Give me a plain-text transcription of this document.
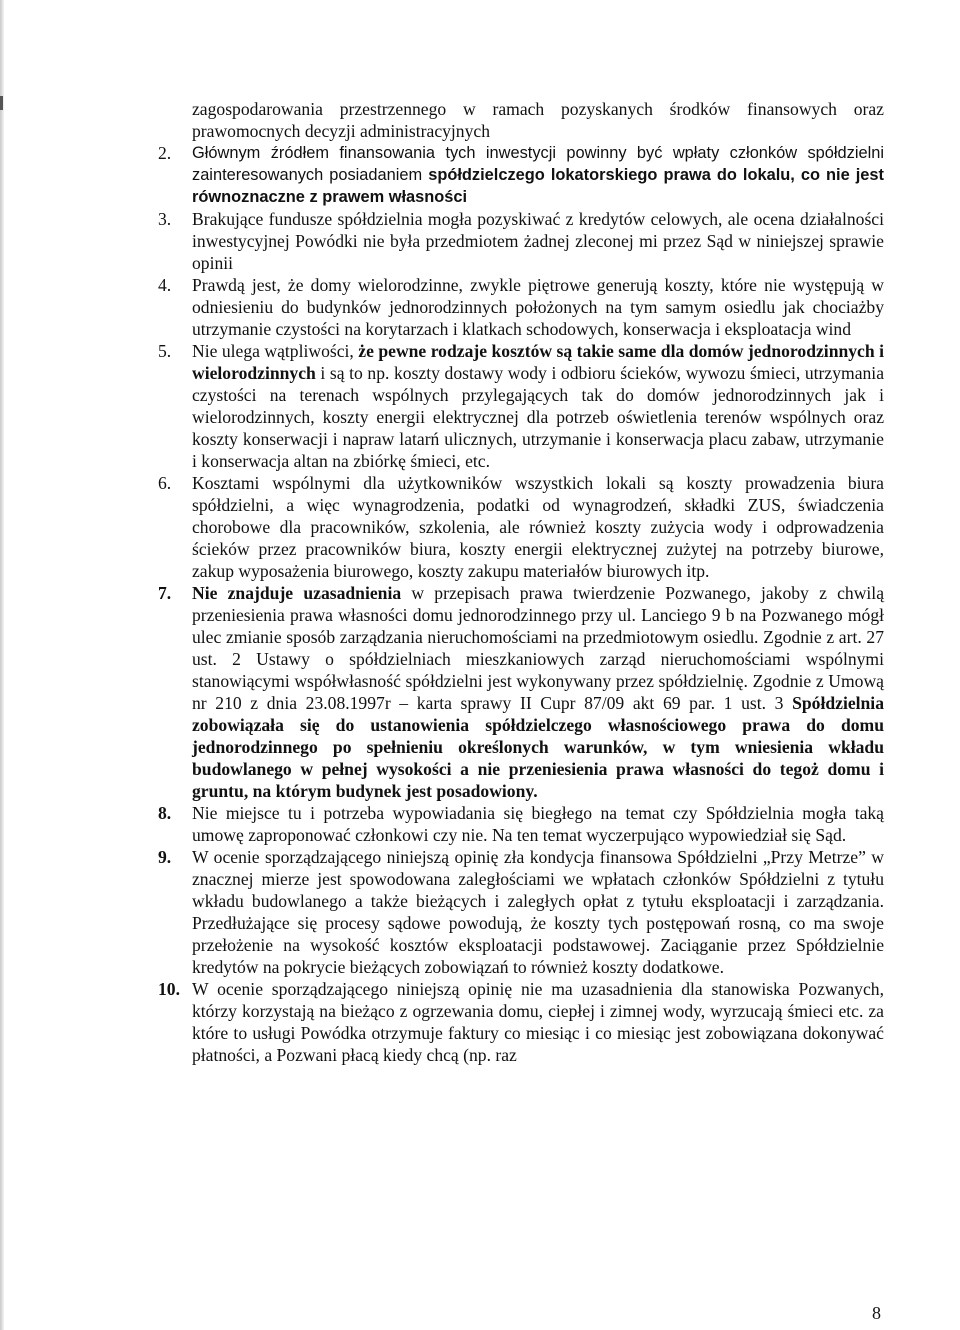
zagospodarowania przestrzennego w ramach pozyskanych środków finansowych oraz prawomocnych decyzji administracyjnych

2.	Głównym źródłem finansowania tych inwestycji powinny być wpłaty członków spółdzielni zainteresowanych posiadaniem spółdzielczego lokatorskiego prawa do lokalu, co nie jest równoznaczne z prawem własności
3.	Brakujące fundusze spółdzielnia mogła pozyskiwać z kredytów celowych, ale ocena działalności inwestycyjnej Powódki nie była przedmiotem żadnej zleconej mi przez Sąd w niniejszej sprawie opinii
4.	Prawdą jest, że domy wielorodzinne, zwykle piętrowe generują koszty, które nie występują w odniesieniu do budynków jednorodzinnych położonych na tym samym osiedlu jak chociażby utrzymanie czystości na korytarzach i klatkach schodowych, konserwacja i eksploatacja wind
5.	Nie ulega wątpliwości, że pewne rodzaje kosztów są takie same dla domów jednorodzinnych i wielorodzinnych i są to np. koszty dostawy wody i odbioru ścieków, wywozu śmieci, utrzymania czystości na terenach wspólnych przylegających tak do domów jednorodzinnych jak i wielorodzinnych, koszty energii elektrycznej dla potrzeb oświetlenia terenów wspólnych oraz koszty konserwacji i napraw latarń ulicznych, utrzymanie i konserwacja placu zabaw, utrzymanie i konserwacja altan na zbiórkę śmieci, etc.
6.	Kosztami wspólnymi dla użytkowników wszystkich lokali są koszty prowadzenia biura spółdzielni, a więc wynagrodzenia, podatki od wynagrodzeń, składki ZUS, świadczenia chorobowe dla pracowników, szkolenia, ale również koszty zużycia wody i odprowadzenia ścieków przez pracowników biura, koszty energii elektrycznej zużytej na potrzeby biurowe, zakup wyposażenia biurowego, koszty zakupu materiałów biurowych itp.
7.	Nie znajduje uzasadnienia w przepisach prawa twierdzenie Pozwanego, jakoby z chwilą przeniesienia prawa własności domu jednorodzinnego przy ul. Lanciego 9 b na Pozwanego mógł ulec zmianie sposób zarządzania nieruchomościami na przedmiotowym osiedlu. Zgodnie z art. 27 ust. 2 Ustawy o spółdzielniach mieszkaniowych zarząd nieruchomościami wspólnymi stanowiącymi współwłasność spółdzielni jest wykonywany przez spółdzielnię. Zgodnie z Umową nr 210 z dnia 23.08.1997r – karta sprawy II Cupr 87/09 akt 69 par. 1 ust. 3 Spółdzielnia zobowiązała się do ustanowienia spółdzielczego własnościowego prawa do domu jednorodzinnego po spełnieniu określonych warunków, w tym wniesienia wkładu budowlanego w pełnej wysokości a nie przeniesienia prawa własności do tegoż domu i gruntu, na którym budynek jest posadowiony.
8.	Nie miejsce tu i potrzeba wypowiadania się biegłego na temat czy Spółdzielnia mogła taką umowę zaproponować członkowi czy nie. Na ten temat wyczerpująco wypowiedział się Sąd.
9.	W ocenie sporządzającego niniejszą opinię zła kondycja finansowa Spółdzielni „Przy Metrze” w znacznej mierze jest spowodowana zaległościami we wpłatach członków Spółdzielni z tytułu wkładu budowlanego a także bieżących i zaległych opłat z tytułu eksploatacji i zarządzania. Przedłużające się procesy sądowe powodują, że koszty tych postępowań rosną, co ma swoje przełożenie na wysokość kosztów eksploatacji podstawowej. Zaciąganie przez Spółdzielnie kredytów na pokrycie bieżących zobowiązań to również koszty dodatkowe.
10. W ocenie sporządzającego niniejszą opinię nie ma uzasadnienia dla stanowiska Pozwanych, którzy korzystają na bieżąco z ogrzewania domu, ciepłej i zimnej wody, wyrzucają śmieci etc. za które to usługi Powódka otrzymuje faktury co miesiąc i co miesiąc jest zobowiązana dokonywać płatności, a Pozwani płacą kiedy chcą (np. raz
8
